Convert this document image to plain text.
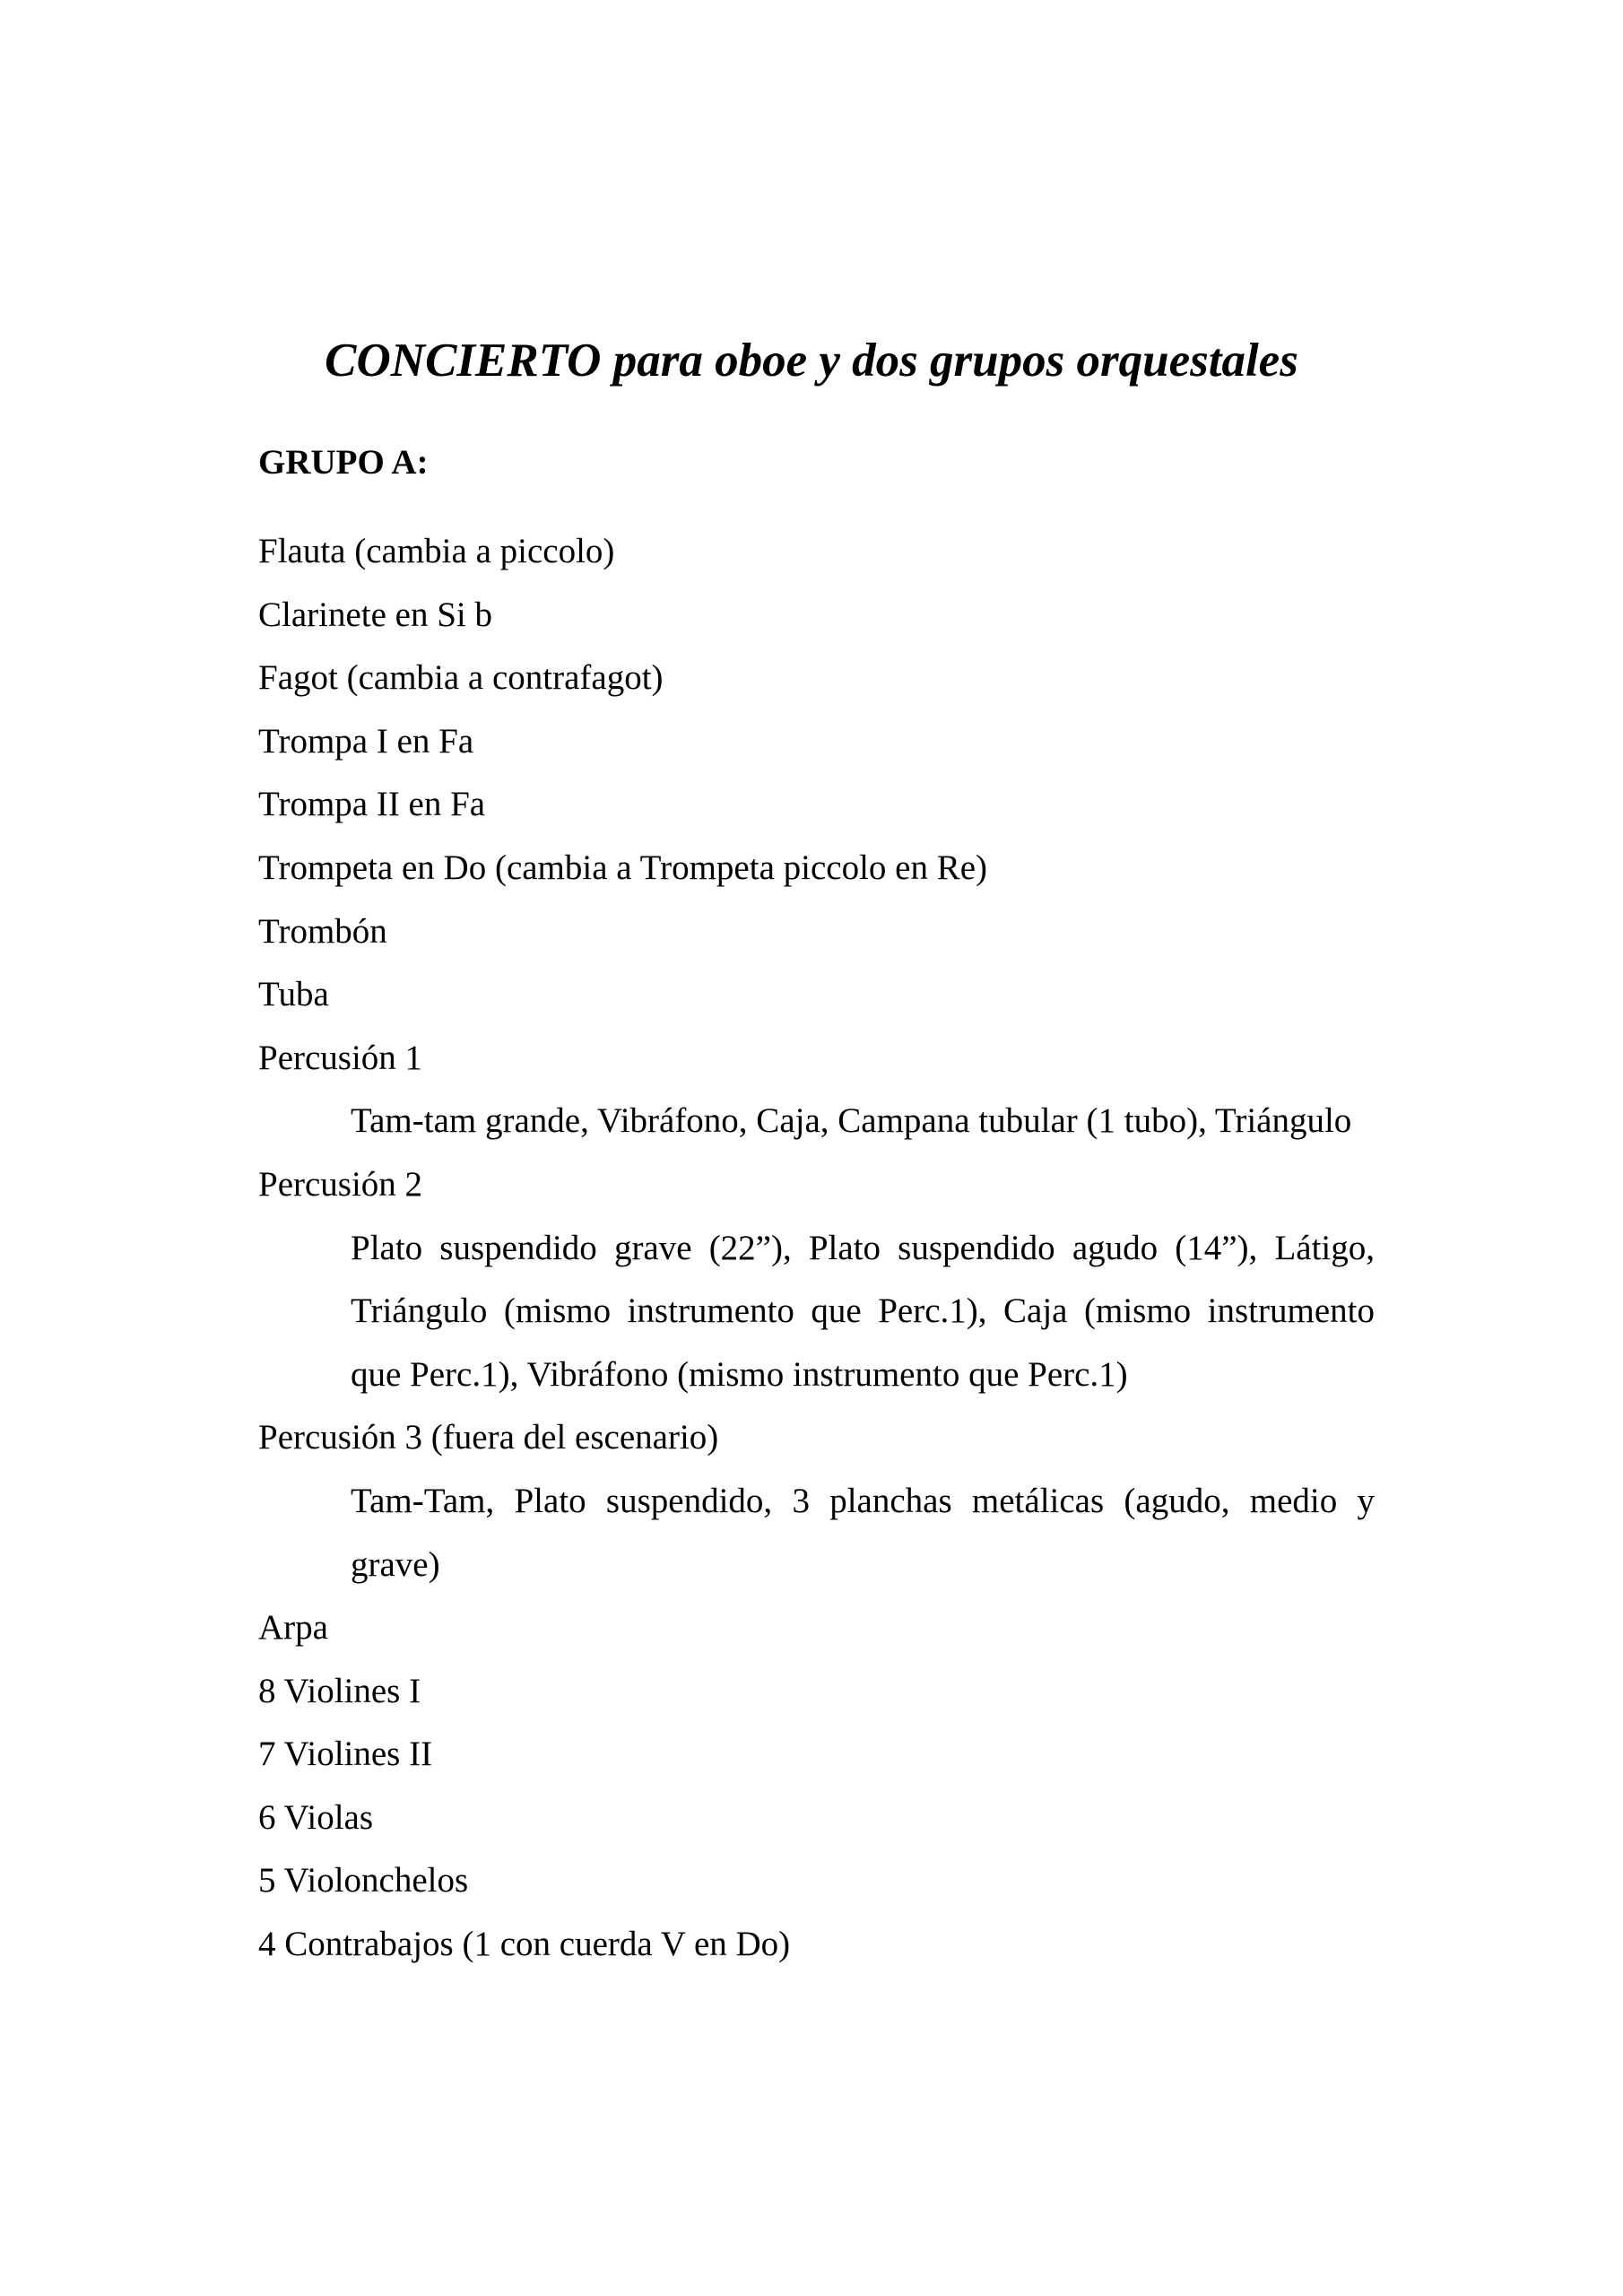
CONCIERTO para oboe y dos grupos orquestales
GRUPO A:
Flauta (cambia a piccolo)
Clarinete en Si b
Fagot (cambia a contrafagot)
Trompa I en Fa
Trompa II en Fa
Trompeta en Do (cambia a Trompeta piccolo en Re)
Trombón
Tuba
Percusión 1
Tam-tam grande, Vibráfono, Caja, Campana tubular (1 tubo), Triángulo
Percusión 2
Plato suspendido grave (22”), Plato suspendido agudo (14”), Látigo, Triángulo (mismo instrumento que Perc.1), Caja (mismo instrumento que Perc.1), Vibráfono (mismo instrumento que Perc.1)
Percusión 3 (fuera del escenario)
Tam-Tam, Plato suspendido, 3 planchas metálicas (agudo, medio y grave)
Arpa
8 Violines I
7 Violines II
6 Violas
5 Violonchelos
4 Contrabajos (1 con cuerda V en Do)
